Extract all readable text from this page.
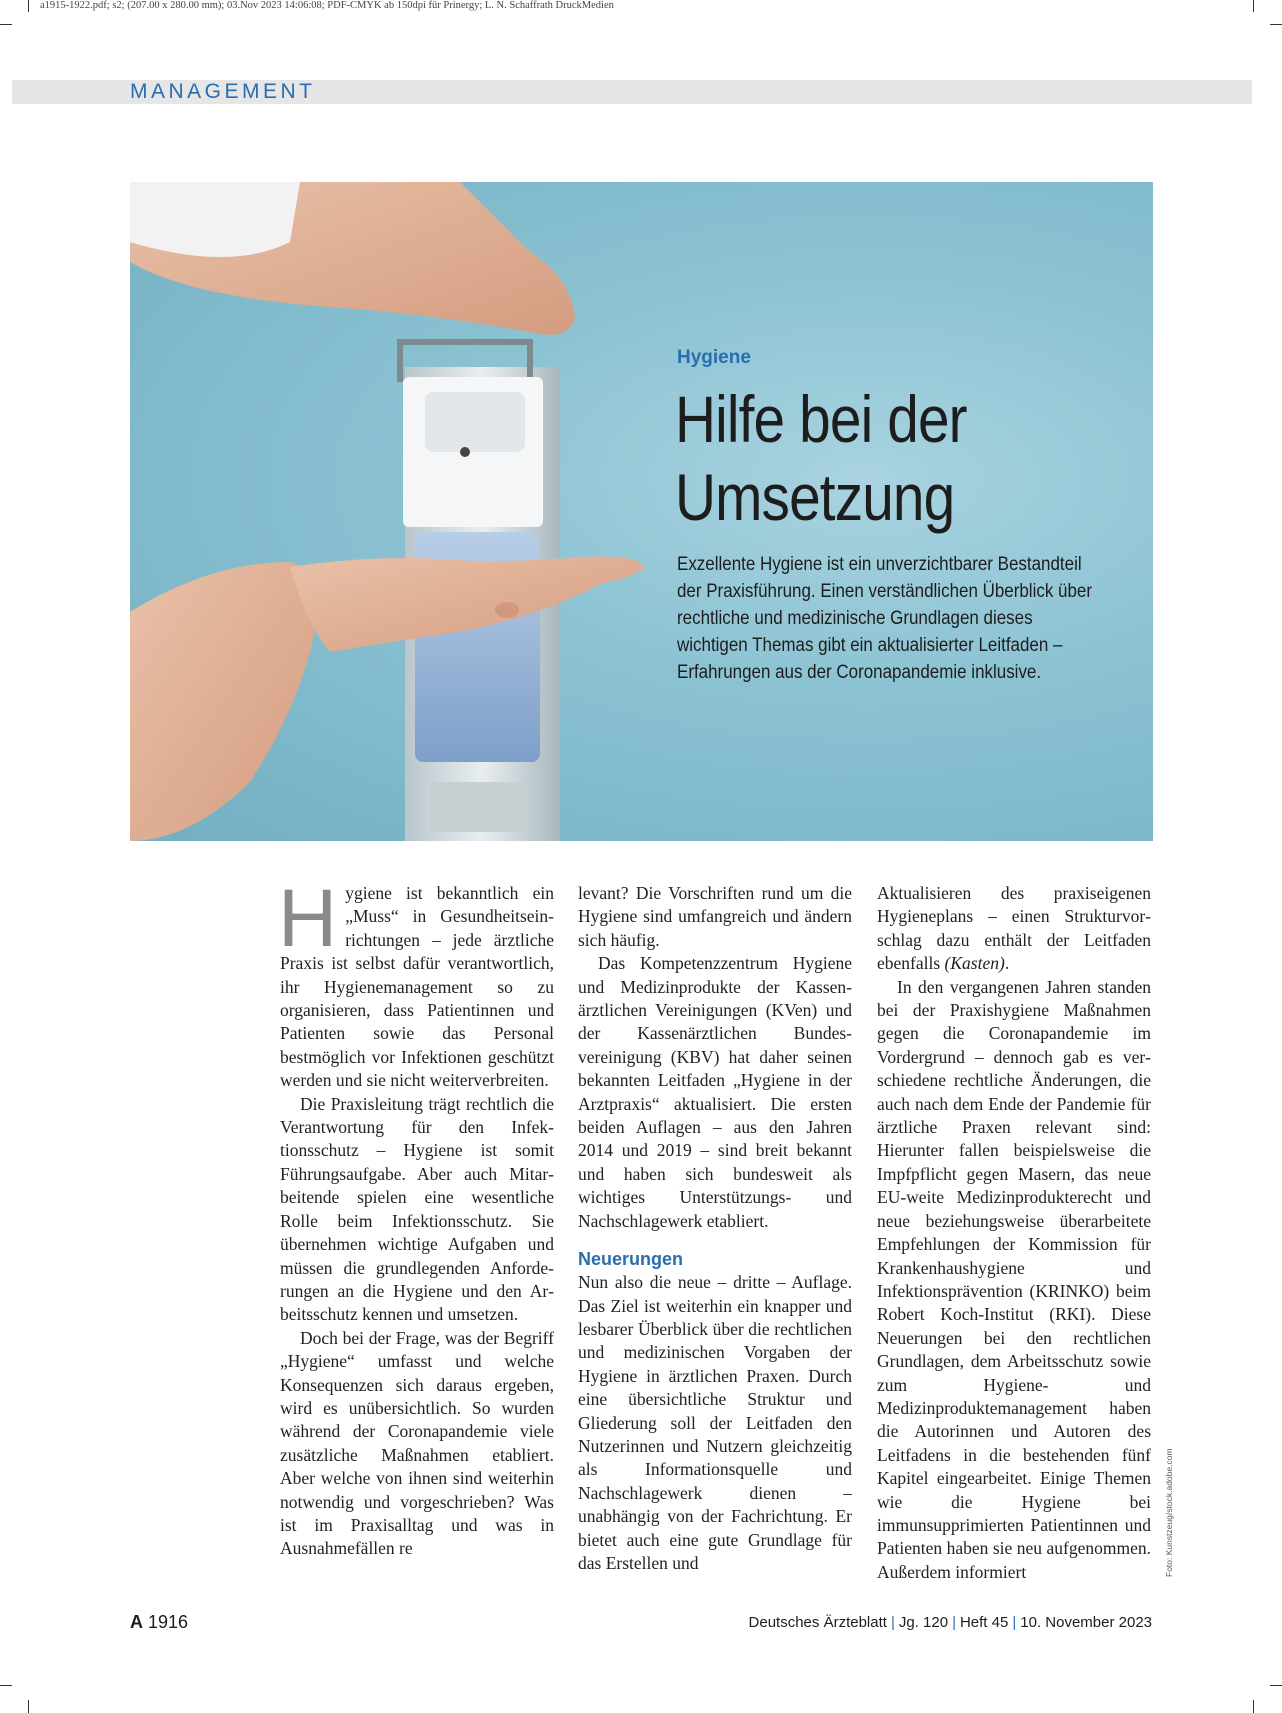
a1915-1922.pdf; s2; (207.00 x 280.00 mm); 03.Nov 2023 14:06:08; PDF-CMYK ab 150dpi für Prinergy; L. N. Schaffrath DruckMedien
MANAGEMENT
Hygiene
Hilfe bei der
Umsetzung

Exzellente Hygiene ist ein unverzichtbarer Bestandteil der Praxisführung. Einen verständlichen Überblick über rechtliche und medizinische Grundlagen dieses wichtigen Themas gibt ein aktualisierter Leitfaden – Erfahrungen aus der Coronapandemie inklusive.

Hygiene ist bekanntlich ein „Muss“ in Gesundheitseinrichtungen – jede ärztliche Praxis ist selbst dafür verantwortlich, ihr Hygienemanagement so zu organisieren, dass Patientinnen und Patienten sowie das Personal bestmöglich vor Infektionen geschützt werden und sie nicht weiterverbreiten.

Die Praxisleitung trägt rechtlich die Verantwortung für den Infektionsschutz – Hygiene ist somit Führungsaufgabe. Aber auch Mitarbeitende spielen eine wesentliche Rolle beim Infektionsschutz. Sie übernehmen wichtige Aufgaben und müssen die grundlegenden Anforderungen an die Hygiene und den Arbeitsschutz kennen und umsetzen.

Doch bei der Frage, was der Begriff „Hygiene“ umfasst und welche Konsequenzen sich daraus ergeben, wird es unübersichtlich. So wurden während der Coronapandemie viele zusätzliche Maßnahmen etabliert. Aber welche von ihnen sind weiterhin notwendig und vorgeschrieben? Was ist im Praxisalltag und was in Ausnahmefällen re

levant? Die Vorschriften rund um die Hygiene sind umfangreich und ändern sich häufig.

Das Kompetenzzentrum Hygiene und Medizinprodukte der Kassenärztlichen Vereinigungen (KVen) und der Kassenärztlichen Bundesvereinigung (KBV) hat daher seinen bekannten Leitfaden „Hygiene in der Arztpraxis“ aktualisiert. Die ersten beiden Auflagen – aus den Jahren 2014 und 2019 – sind breit bekannt und haben sich bundesweit als wichtiges Unterstützungs- und Nachschlagewerk etabliert.

Neuerungen

Nun also die neue – dritte – Auflage. Das Ziel ist weiterhin ein knapper und lesbarer Überblick über die rechtlichen und medizinischen Vorgaben der Hygiene in ärztlichen Praxen. Durch eine übersichtliche Struktur und Gliederung soll der Leitfaden den Nutzerinnen und Nutzern gleichzeitig als Informationsquelle und Nachschlagewerk dienen – unabhängig von der Fachrichtung. Er bietet auch eine gute Grundlage für das Erstellen und

Aktualisieren des praxiseigenen Hygieneplans – einen Strukturvorschlag dazu enthält der Leitfaden ebenfalls (Kasten).

In den vergangenen Jahren standen bei der Praxishygiene Maßnahmen gegen die Coronapandemie im Vordergrund – dennoch gab es verschiedene rechtliche Änderungen, die auch nach dem Ende der Pandemie für ärztliche Praxen relevant sind: Hierunter fallen beispielsweise die Impfpflicht gegen Masern, das neue EU-weite Medizinprodukterecht und neue beziehungsweise überarbeitete Empfehlungen der Kommission für Krankenhaushygiene und Infektionsprävention (KRINKO) beim Robert Koch-Institut (RKI). Diese Neuerungen bei den rechtlichen Grundlagen, dem Arbeitsschutz sowie zum Hygiene- und Medizinproduktemanagement haben die Autorinnen und Autoren des Leitfadens in die bestehenden fünf Kapitel eingearbeitet. Einige Themen wie die Hygiene bei immunsupprimierten Patientinnen und Patienten haben sie neu aufgenommen. Außerdem informiert	Foto: Kunstzeug/stock.adobe.com
A 1916	Deutsches Ärzteblatt | Jg. 120 | Heft 45 | 10. November 2023
